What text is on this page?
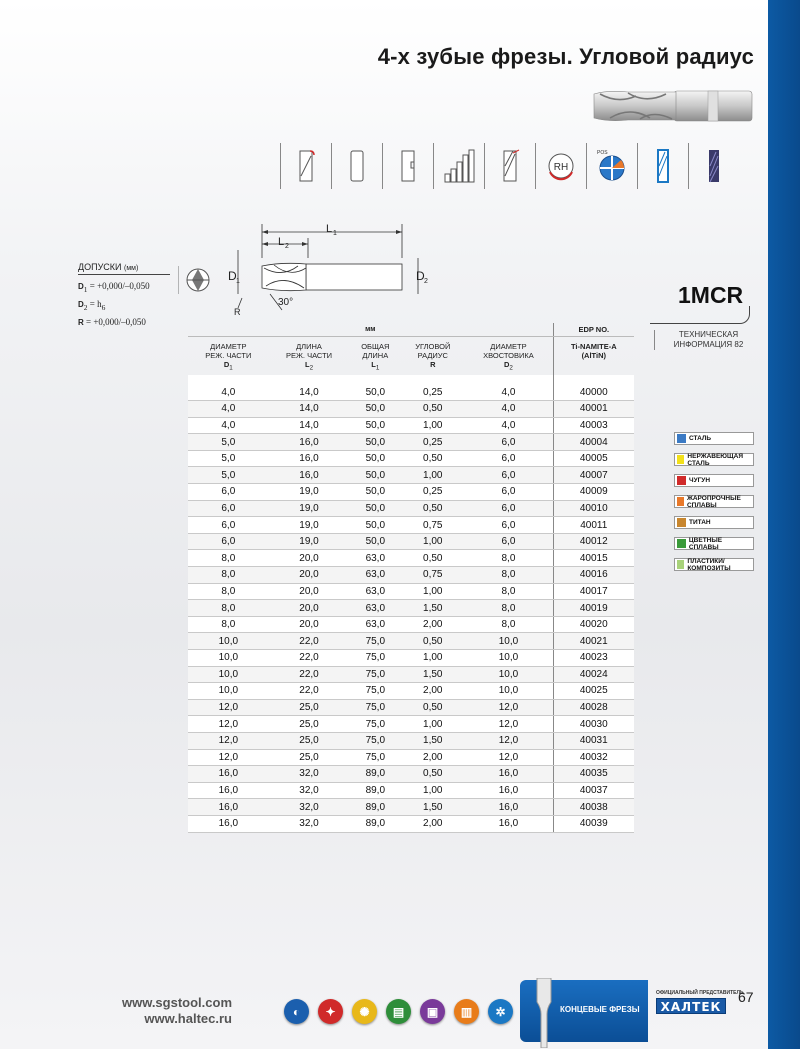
4-х зубые фрезы. Угловой радиус
RH
POS
L 1
L 2
D 1	D 2
30°
R
ДОПУСКИ (мм)
$D_1 = +0,000/-0,050$
$D_2 = h_6$
R = +0,000/–0,050
1MCR
мм					EDP NO.
ДИАМЕТР
РЕЖ. ЧАСТИ
$D_1$	ДЛИНА
РЕЖ. ЧАСТИ
$L_2$	ОБЩАЯ
ДЛИНА
$L_1$	УГЛОВОЙ
РАДИУС
R	ДИАМЕТР
ХВОСТОВИКА
$D_2$	Ti-NAMITE-A
(AlTiN)
4,0	14,0	50,0	0,25	4,0	40000
4,0	14,0	50,0	0,50	4,0	40001
4,0	14,0	50,0	1,00	4,0	40003
5,0	16,0	50,0	0,25	6,0	40004
5,0	16,0	50,0	0,50	6,0	40005
5,0	16,0	50,0	1,00	6,0	40007
6,0	19,0	50,0	0,25	6,0	40009
6,0	19,0	50,0	0,50	6,0	40010
6,0	19,0	50,0	0,75	6,0	40011
6,0	19,0	50,0	1,00	6,0	40012
8,0	20,0	63,0	0,50	8,0	40015
8,0	20,0	63,0	0,75	8,0	40016
8,0	20,0	63,0	1,00	8,0	40017
8,0	20,0	63,0	1,50	8,0	40019
8,0	20,0	63,0	2,00	8,0	40020
10,0	22,0	75,0	0,50	10,0	40021
10,0	22,0	75,0	1,00	10,0	40023
10,0	22,0	75,0	1,50	10,0	40024
10,0	22,0	75,0	2,00	10,0	40025
12,0	25,0	75,0	0,50	12,0	40028
12,0	25,0	75,0	1,00	12,0	40030
12,0	25,0	75,0	1,50	12,0	40031
12,0	25,0	75,0	2,00	12,0	40032
16,0	32,0	89,0	0,50	16,0	40035
16,0	32,0	89,0	1,00	16,0	40037
16,0	32,0	89,0	1,50	16,0	40038
16,0	32,0	89,0	2,00	16,0	40039
ТЕХНИЧЕСКАЯ
ИНФОРМАЦИЯ 82
СТАЛЬ
НЕРЖАВЕЮЩАЯ СТАЛЬ
ЧУГУН
ЖАРОПРОЧНЫЕ СПЛАВЫ
ТИТАН
ЦВЕТНЫЕ СПЛАВЫ
ПЛАСТИКИ/КОМПОЗИТЫ
www.sgstool.com
www.haltec.ru	◐	✦	✺	▤	▣	▥	✲	КОНЦЕВЫЕ ФРЕЗЫ
ОФИЦИАЛЬНЫЙ ПРЕДСТАВИТЕЛЬ
ХАЛТЕК
67
